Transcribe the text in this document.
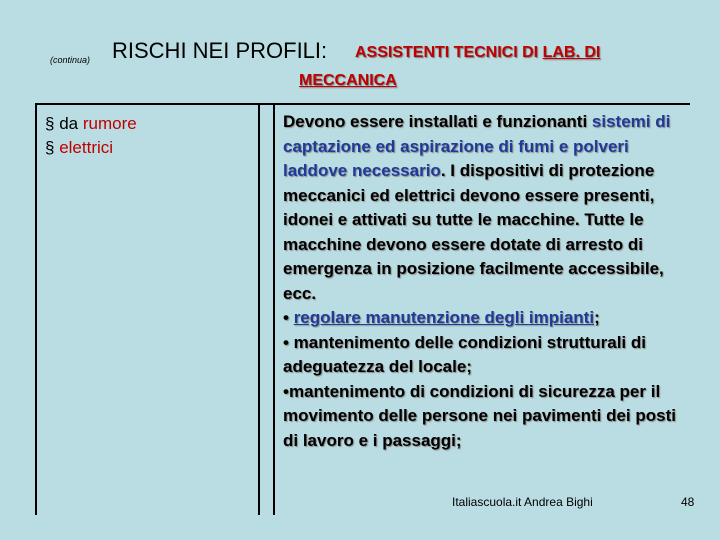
(continua) RISCHI NEI PROFILI: ASSISTENTI TECNICI DI LAB. DI
MECCANICA
§ da rumore
§ elettrici

Devono essere installati e funzionanti sistemi di captazione ed aspirazione di fumi e polveri laddove necessario. I dispositivi di protezione meccanici ed elettrici devono essere presenti, idonei e attivati su tutte le macchine. Tutte le macchine devono essere dotate di arresto di emergenza in posizione facilmente accessibile, ecc.

• regolare manutenzione degli impianti;

• mantenimento delle condizioni strutturali di adeguatezza del locale;

•mantenimento di condizioni di sicurezza per il movimento delle persone nei pavimenti dei posti di lavoro e i passaggi;

Italiascuola.it Andrea Bighi	48
